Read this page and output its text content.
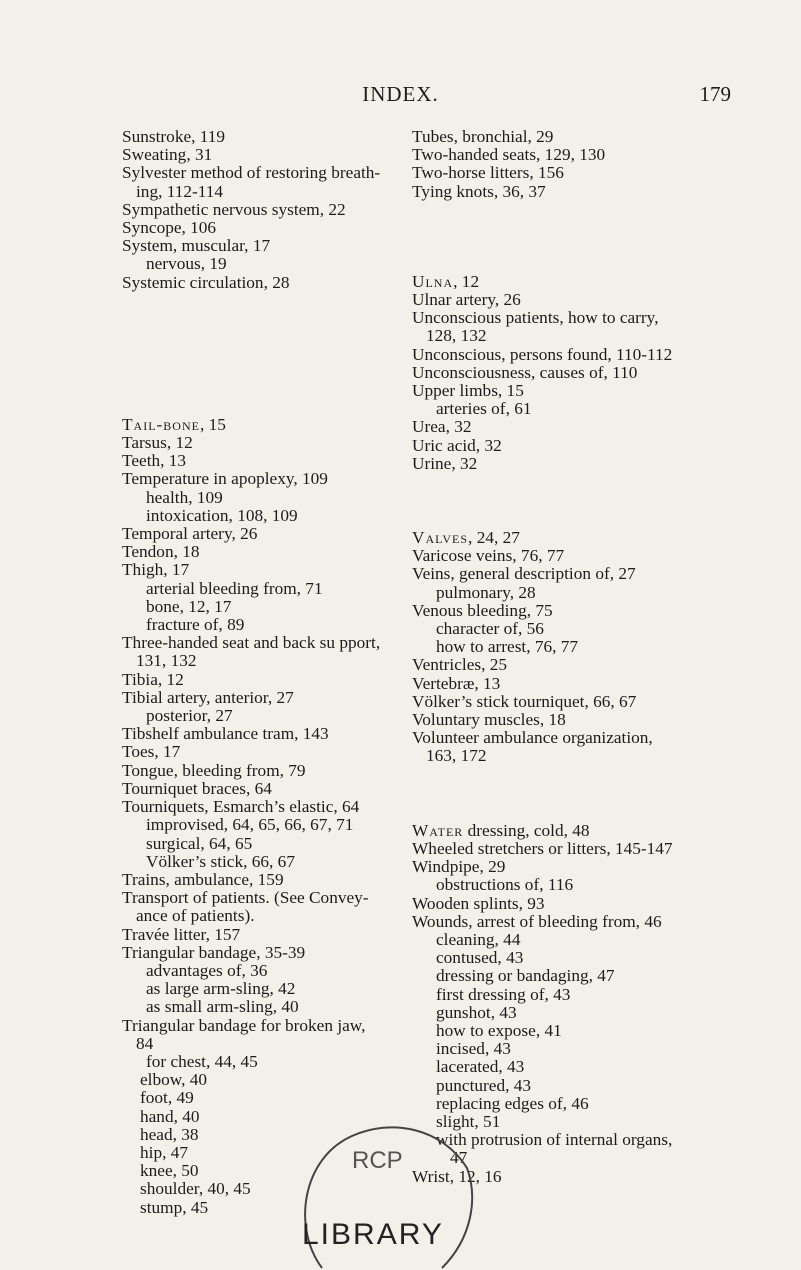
INDEX.	179

Sunstroke, 119

Sweating, 31

Sylvester method of restoring breath-
ing, 112-114

Sympathetic nervous system, 22

Syncope, 106

System, muscular, 17

nervous, 19

Systemic circulation, 28

Tail-bone, 15

Tarsus, 12

Teeth, 13

Temperature in apoplexy, 109

health, 109

intoxication, 108, 109

Temporal artery, 26

Tendon, 18

Thigh, 17

arterial bleeding from, 71

bone, 12, 17

fracture of, 89

Three-handed seat and back su pport,
131, 132

Tibia, 12

Tibial artery, anterior, 27

posterior, 27

Tibshelf ambulance tram, 143

Toes, 17

Tongue, bleeding from, 79

Tourniquet braces, 64

Tourniquets, Esmarch’s elastic, 64

improvised, 64, 65, 66, 67, 71

surgical, 64, 65

Völker’s stick, 66, 67

Trains, ambulance, 159

Transport of patients. (See Convey-
ance of patients).

Travée litter, 157

Triangular bandage, 35-39

advantages of, 36

as large arm-sling, 42

as small arm-sling, 40

Triangular bandage for broken jaw,
84

for chest, 44, 45

elbow, 40

foot, 49

hand, 40

head, 38

hip, 47

knee, 50

shoulder, 40, 45

stump, 45

Tubes, bronchial, 29

Two-handed seats, 129, 130

Two-horse litters, 156

Tying knots, 36, 37

Ulna, 12

Ulnar artery, 26

Unconscious patients, how to carry,
128, 132

Unconscious, persons found, 110-112

Unconsciousness, causes of, 110

Upper limbs, 15

arteries of, 61

Urea, 32

Uric acid, 32

Urine, 32

Valves, 24, 27

Varicose veins, 76, 77

Veins, general description of, 27

pulmonary, 28

Venous bleeding, 75

character of, 56

how to arrest, 76, 77

Ventricles, 25

Vertebræ, 13

Völker’s stick tourniquet, 66, 67

Voluntary muscles, 18

Volunteer ambulance organization,
163, 172

Water dressing, cold, 48

Wheeled stretchers or litters, 145-147

Windpipe, 29

obstructions of, 116

Wooden splints, 93

Wounds, arrest of bleeding from, 46

cleaning, 44

contused, 43

dressing or bandaging, 47

first dressing of, 43

gunshot, 43

how to expose, 41

incised, 43

lacerated, 43

punctured, 43

replacing edges of, 46

slight, 51

with protrusion of internal organs,
47

Wrist, 12, 16

RCP
LIBRARY
